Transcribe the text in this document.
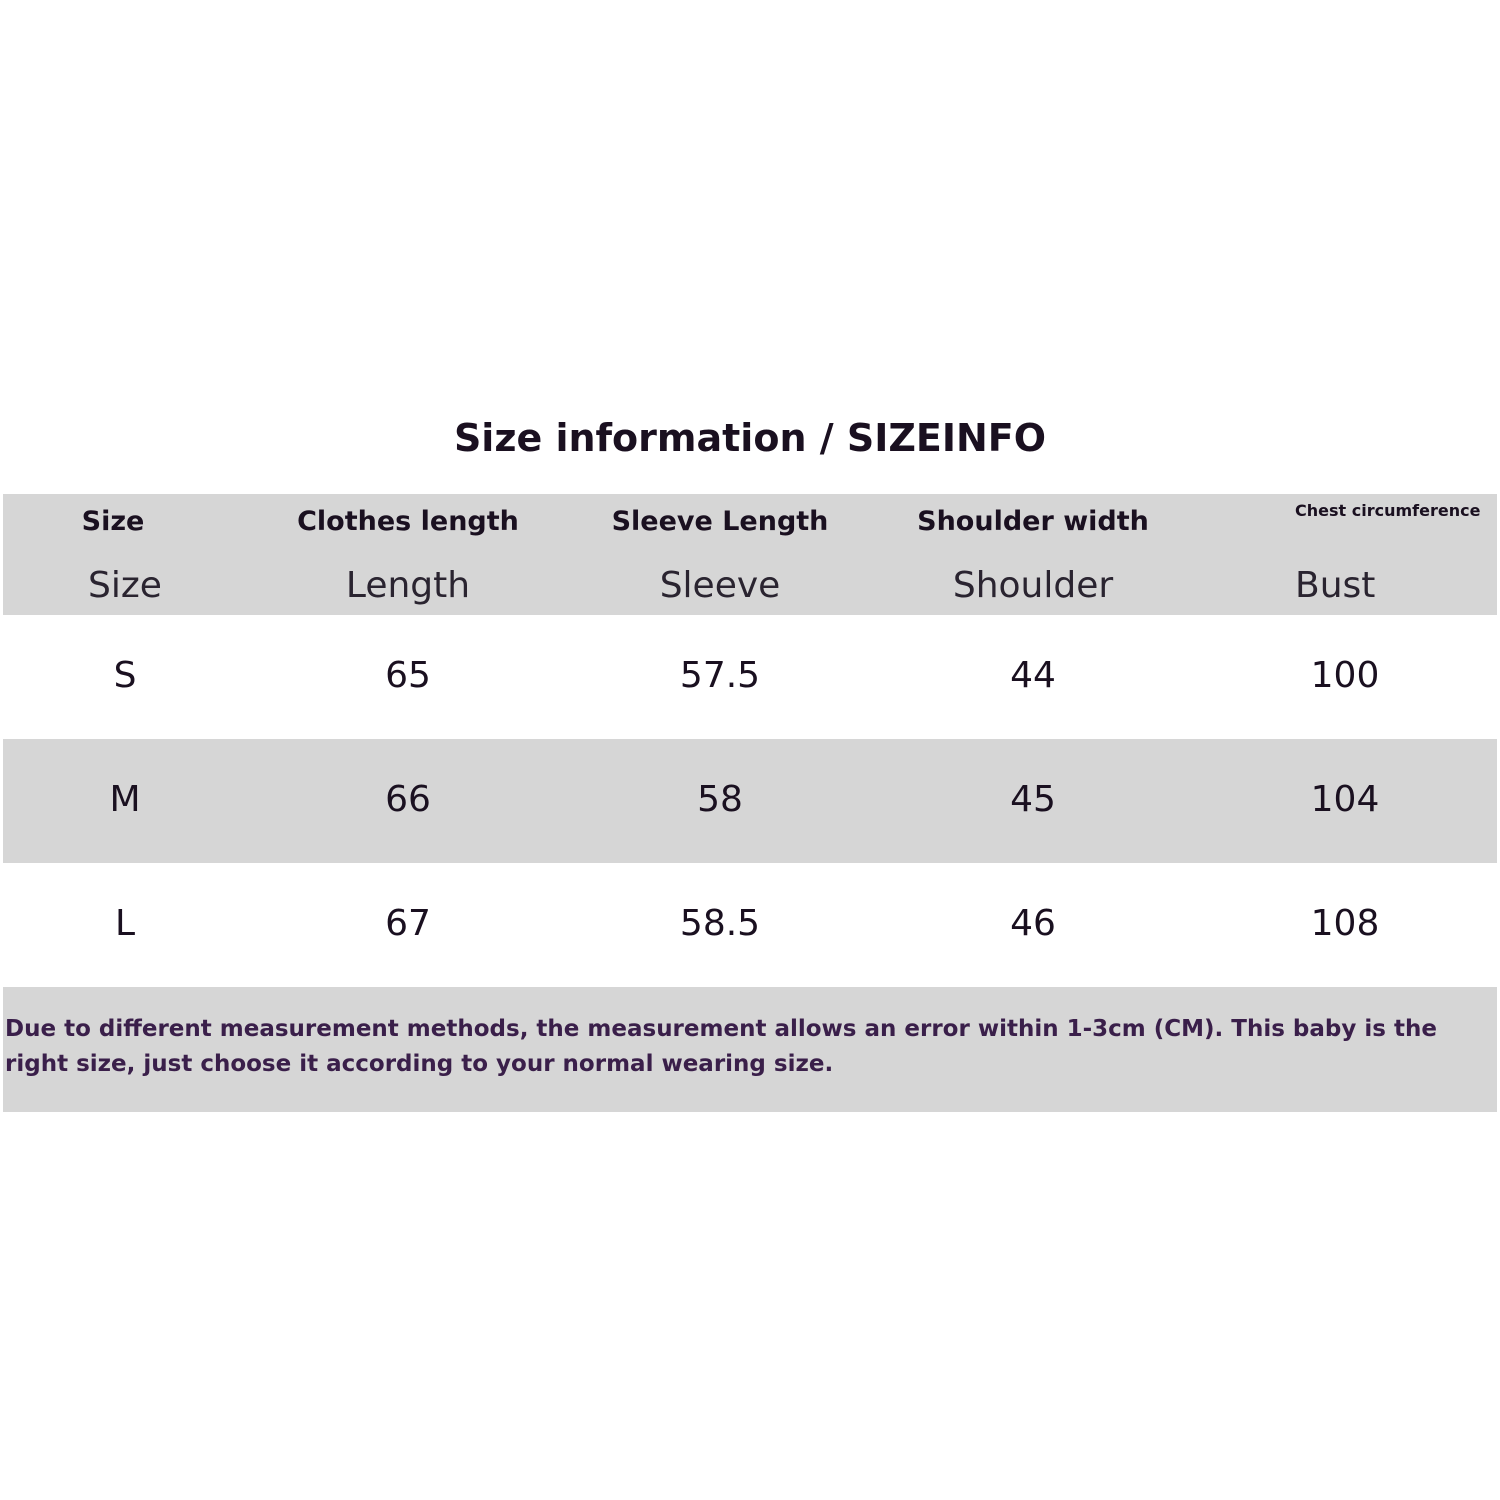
Size information / SIZEINFO
Size	Clothes length	Sleeve Length	Shoulder width	Chest circumference
Size	Length	Sleeve	Shoulder	Bust
S	65	57.5	44	100
M	66	58	45	104
L	67	58.5	46	108
Due to different measurement methods, the measurement allows an error within 1-3cm (CM). This baby is the right size, just choose it according to your normal wearing size.
